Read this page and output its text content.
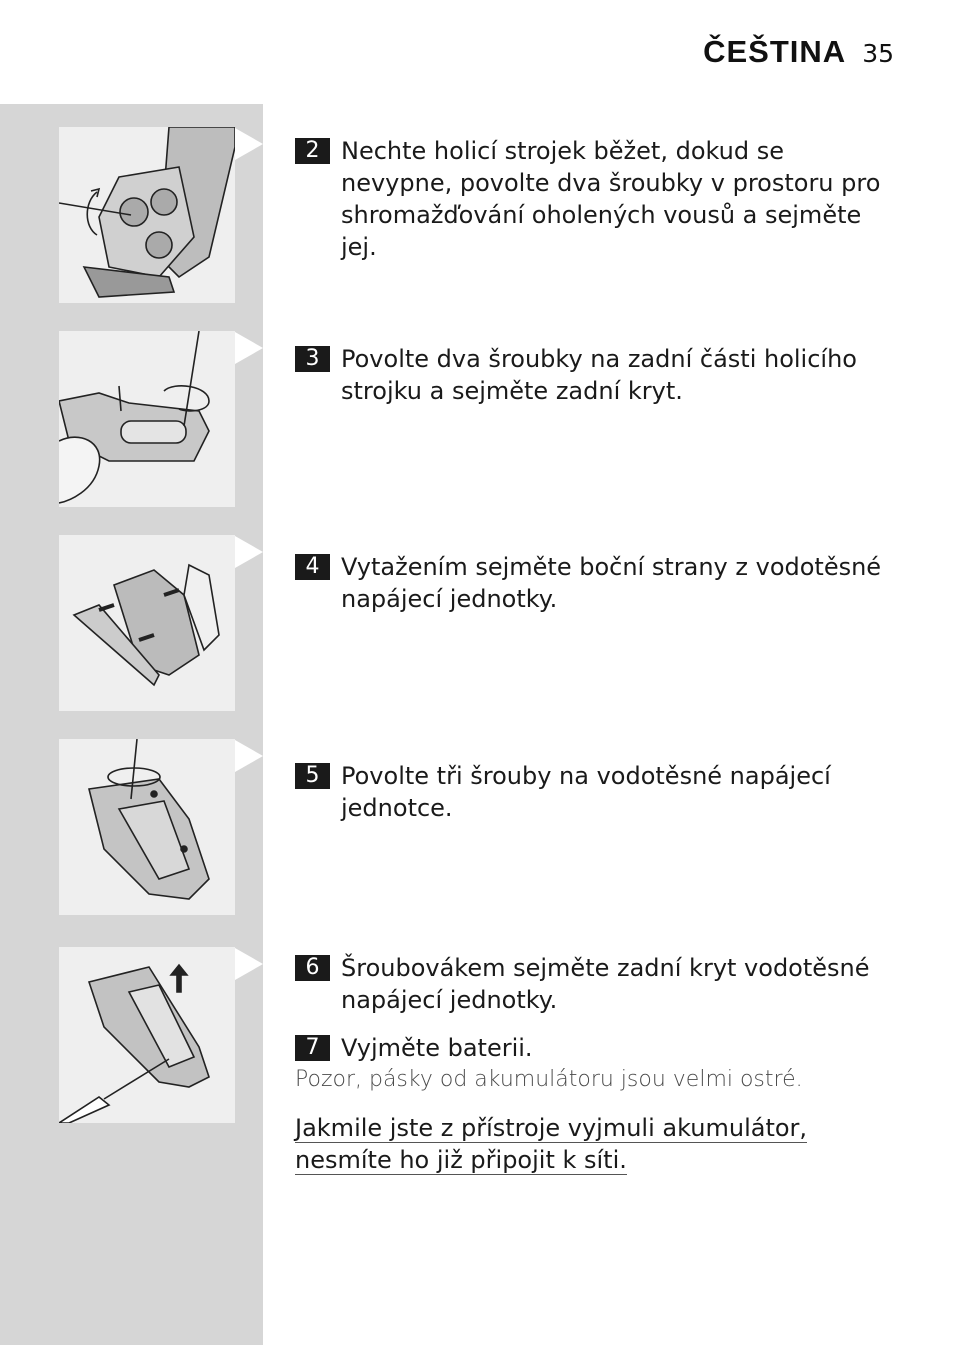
ČEŠTINA 35
2 Nechte holicí strojek běžet, dokud se nevypne, povolte dva šroubky v prostoru pro shromažďování oholených vousů a sejměte jej.
3 Povolte dva šroubky na zadní části holicího strojku a sejměte zadní kryt.
4 Vytažením sejměte boční strany z vodotěsné napájecí jednotky.
5 Povolte tři šrouby na vodotěsné napájecí jednotce.
6 Šroubovákem sejměte zadní kryt vodotěsné napájecí jednotky.
7 Vyjměte baterii.
Pozor, pásky od akumulátoru jsou velmi ostré.
Jakmile jste z přístroje vyjmuli akumulátor, nesmíte ho již připojit k síti.
